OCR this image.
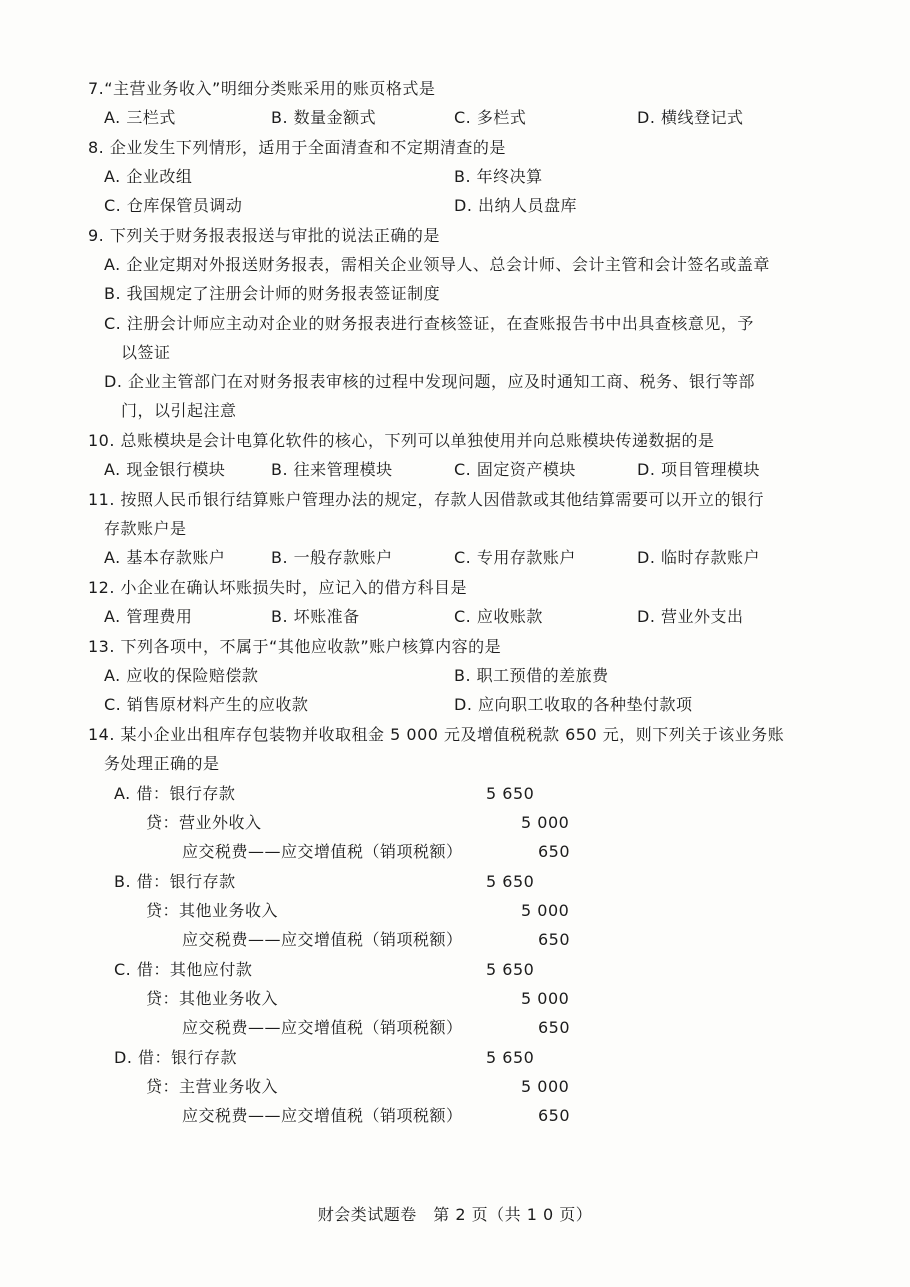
7.“主营业务收入”明细分类账采用的账页格式是
A. 三栏式	B. 数量金额式	C. 多栏式	D. 横线登记式
8. 企业发生下列情形，适用于全面清查和不定期清查的是
A. 企业改组	B. 年终决算
C. 仓库保管员调动	D. 出纳人员盘库
9. 下列关于财务报表报送与审批的说法正确的是
A. 企业定期对外报送财务报表，需相关企业领导人、总会计师、会计主管和会计签名或盖章
B. 我国规定了注册会计师的财务报表签证制度
C. 注册会计师应主动对企业的财务报表进行查核签证，在查账报告书中出具查核意见，予
以签证
D. 企业主管部门在对财务报表审核的过程中发现问题，应及时通知工商、税务、银行等部
门，以引起注意
10. 总账模块是会计电算化软件的核心，下列可以单独使用并向总账模块传递数据的是
A. 现金银行模块	B. 往来管理模块	C. 固定资产模块	D. 项目管理模块
11. 按照人民币银行结算账户管理办法的规定，存款人因借款或其他结算需要可以开立的银行
存款账户是
A. 基本存款账户	B. 一般存款账户	C. 专用存款账户	D. 临时存款账户
12. 小企业在确认坏账损失时，应记入的借方科目是
A. 管理费用	B. 坏账准备	C. 应收账款	D. 营业外支出
13. 下列各项中，不属于“其他应收款”账户核算内容的是
A. 应收的保险赔偿款	B. 职工预借的差旅费
C. 销售原材料产生的应收款	D. 应向职工收取的各种垫付款项
14. 某小企业出租库存包装物并收取租金 5 000 元及增值税税款 650 元，则下列关于该业务账
务处理正确的是
A. 借：银行存款	5 650
贷：营业外收入	5 000
应交税费——应交增值税（销项税额）	650
B. 借：银行存款	5 650
贷：其他业务收入	5 000
应交税费——应交增值税（销项税额）	650
C. 借：其他应付款	5 650
贷：其他业务收入	5 000
应交税费——应交增值税（销项税额）	650
D. 借：银行存款	5 650
贷：主营业务收入	5 000
应交税费——应交增值税（销项税额）	650
财会类试题卷　第 2 页（共 1 0 页）
